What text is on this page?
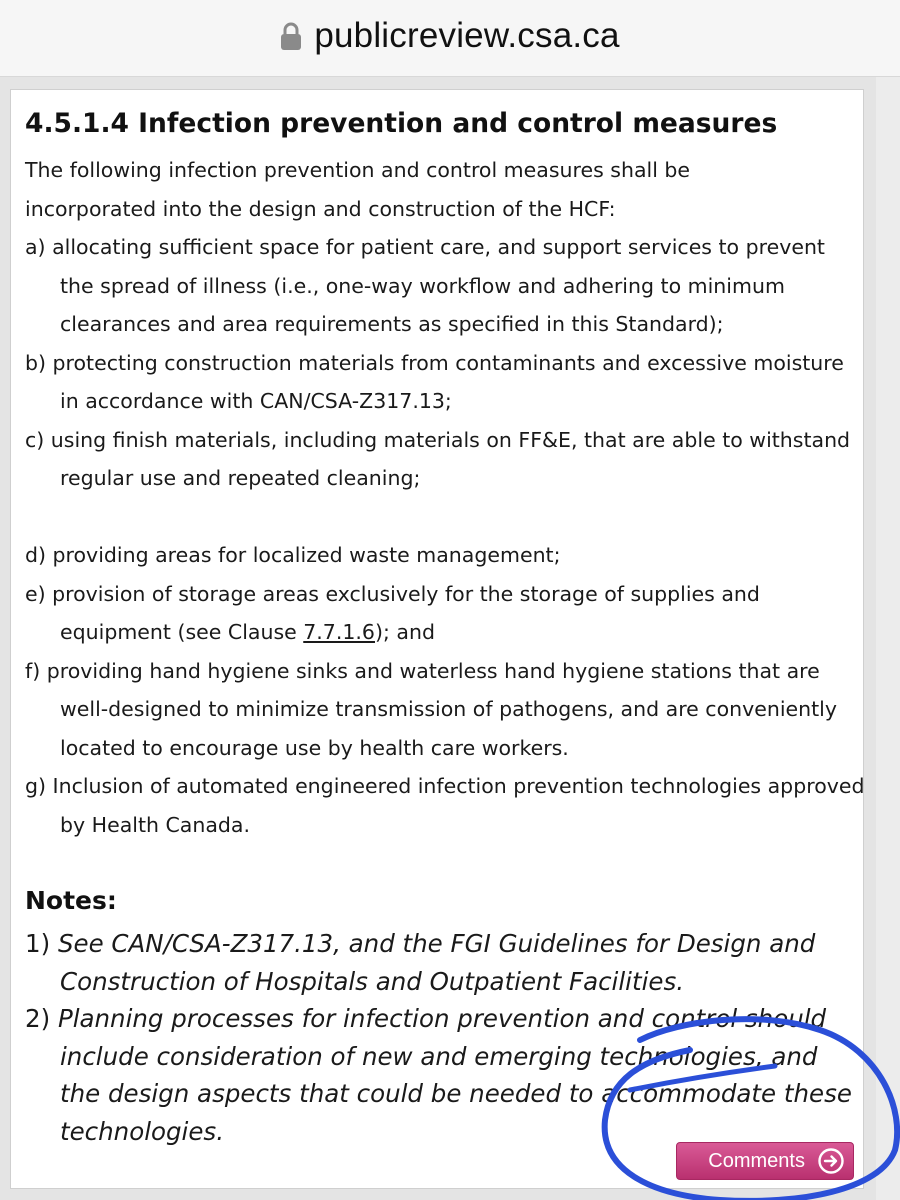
publicreview.csa.ca
4.5.1.4 Infection prevention and control measures
The following infection prevention and control measures shall be
incorporated into the design and construction of the HCF:
a) allocating sufficient space for patient care, and support services to prevent the spread of illness (i.e., one-way workflow and adhering to minimum clearances and area requirements as specified in this Standard);
b) protecting construction materials from contaminants and excessive moisture in accordance with CAN/CSA-Z317.13;
c) using finish materials, including materials on FF&E, that are able to withstand regular use and repeated cleaning;
d) providing areas for localized waste management;
e) provision of storage areas exclusively for the storage of supplies and equipment (see Clause 7.7.1.6); and
f) providing hand hygiene sinks and waterless hand hygiene stations that are well-designed to minimize transmission of pathogens, and are conveniently located to encourage use by health care workers.
g) Inclusion of automated engineered infection prevention technologies approved by Health Canada.
Notes:
1) See CAN/CSA-Z317.13, and the FGI Guidelines for Design and Construction of Hospitals and Outpatient Facilities.
2) Planning processes for infection prevention and control should include consideration of new and emerging technologies, and the design aspects that could be needed to accommodate these technologies.
Comments
